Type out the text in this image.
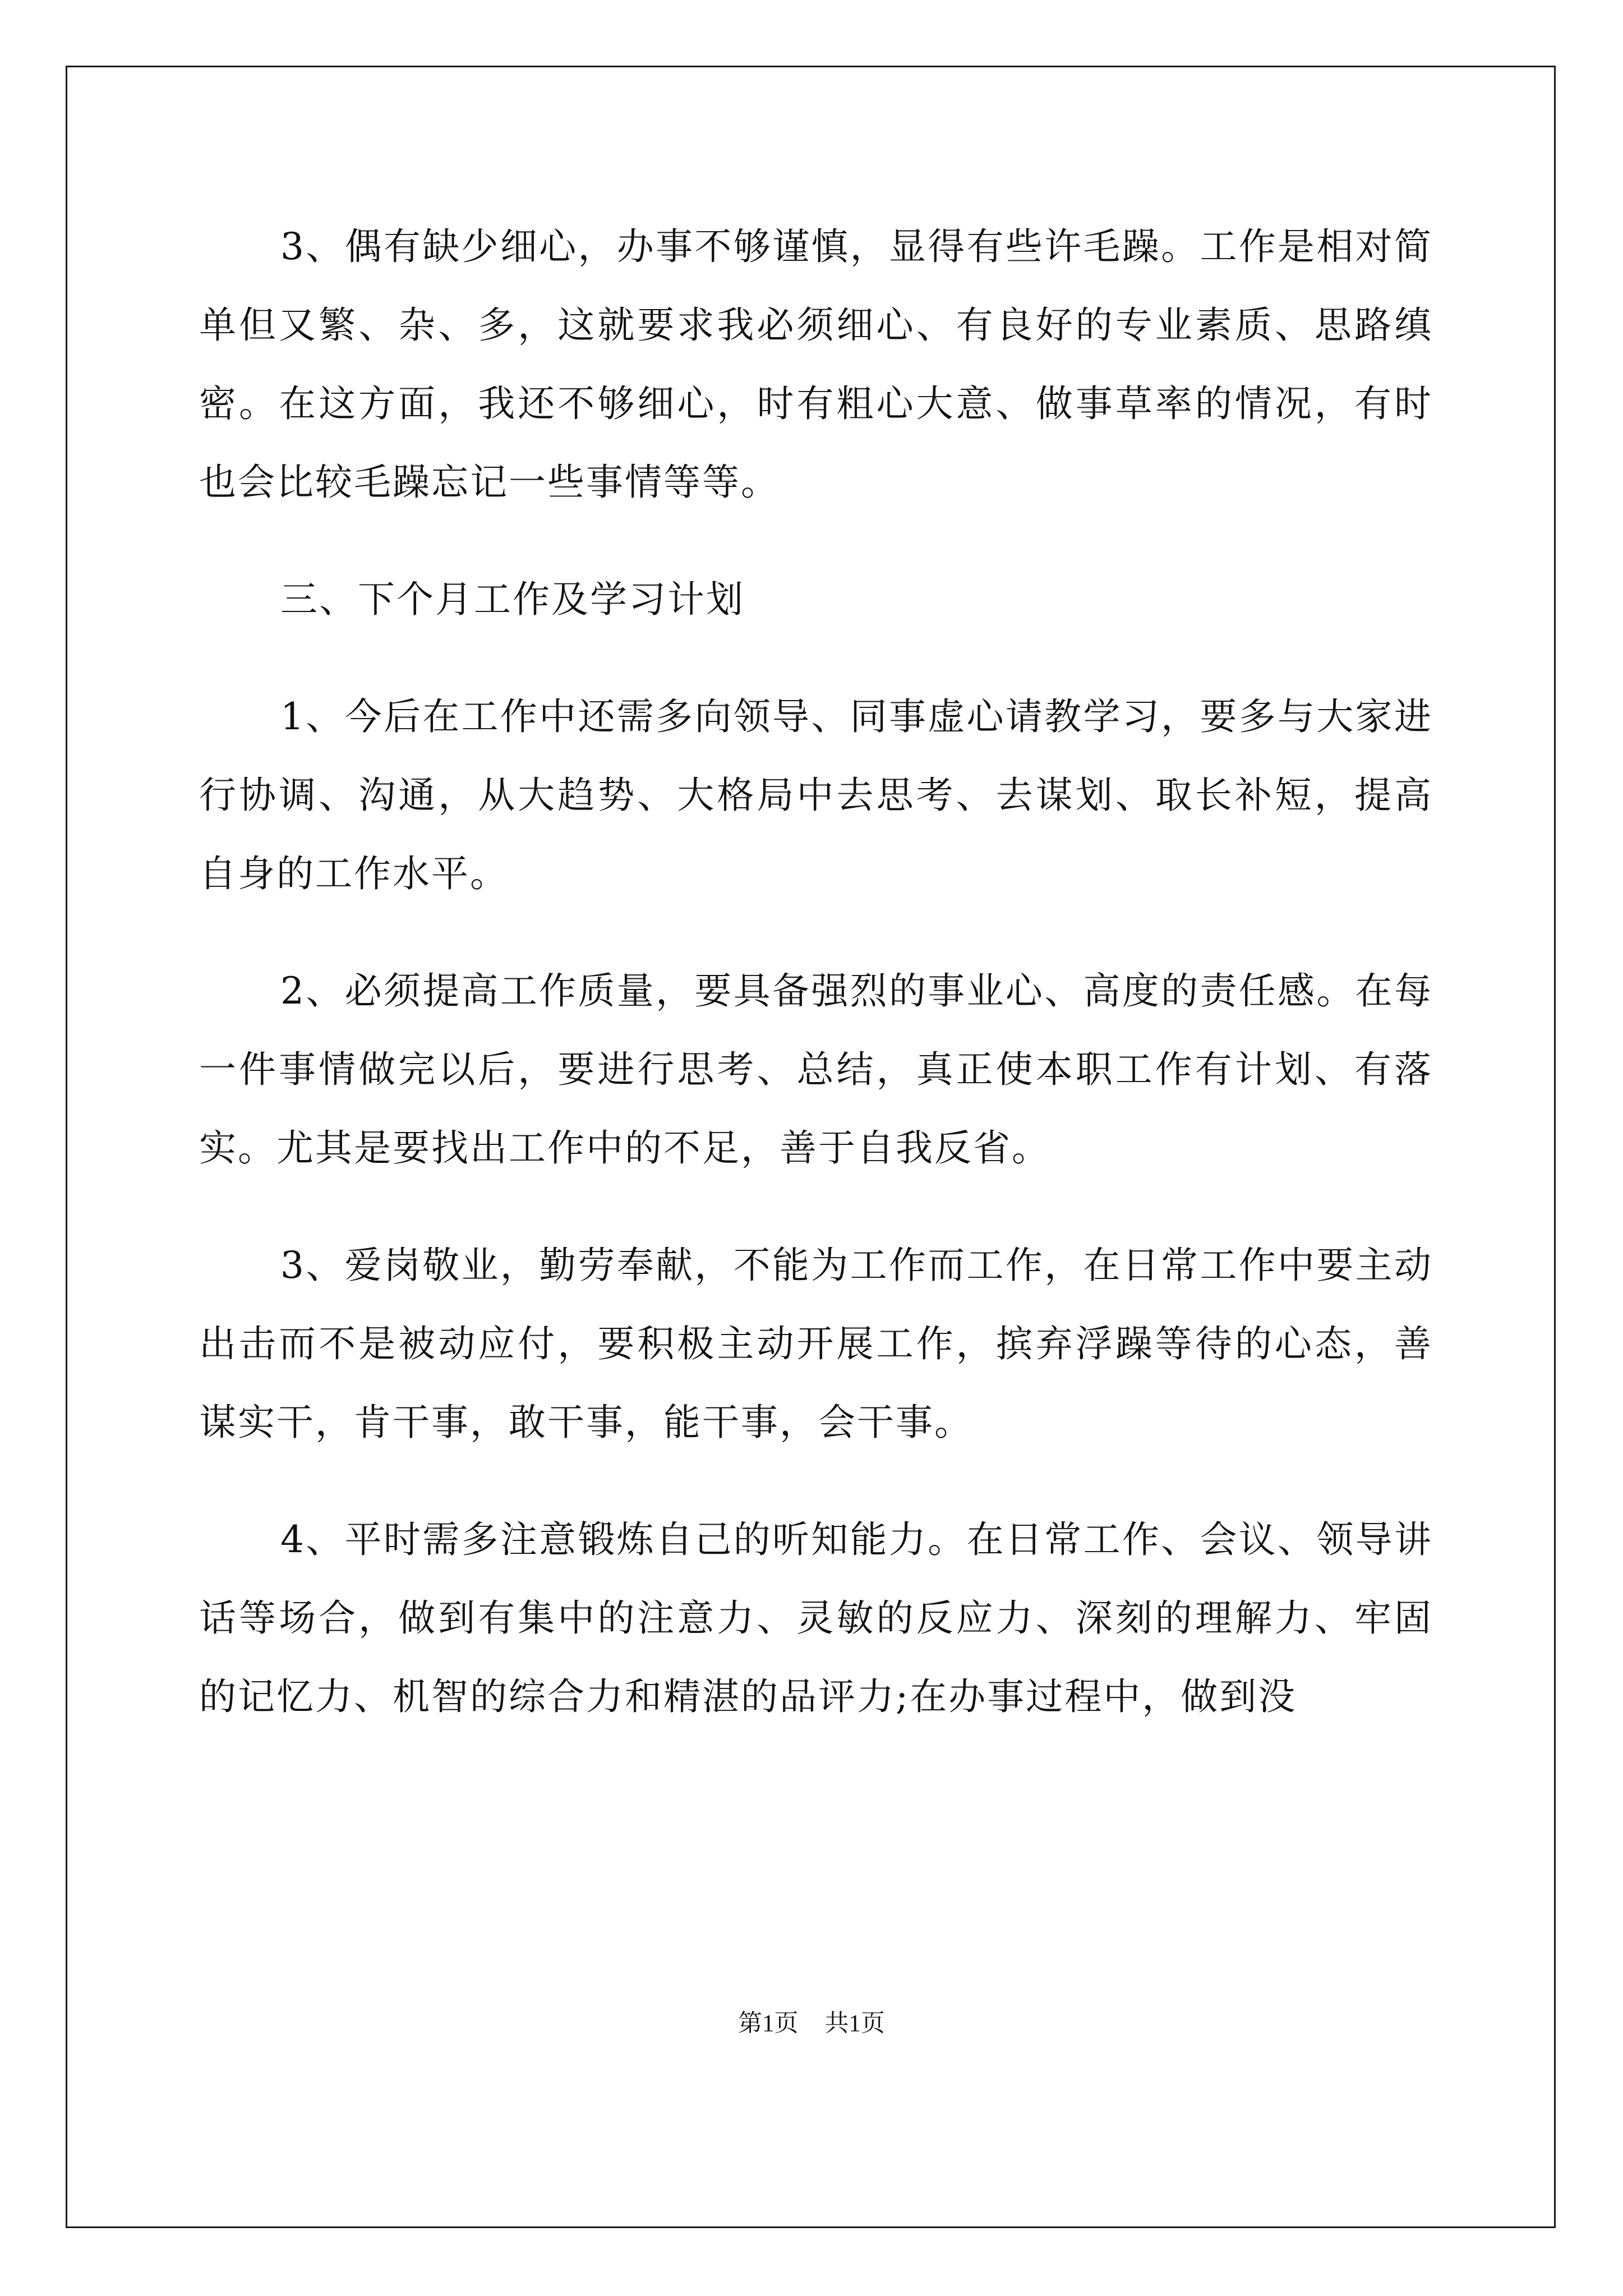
3、偶有缺少细心，办事不够谨慎，显得有些许毛躁。工作是相对简单但又繁、杂、多，这就要求我必须细心、有良好的专业素质、思路缜密。在这方面，我还不够细心，时有粗心大意、做事草率的情况，有时也会比较毛躁忘记一些事情等等。

三、下个月工作及学习计划

1、今后在工作中还需多向领导、同事虚心请教学习，要多与大家进行协调、沟通，从大趋势、大格局中去思考、去谋划、取长补短，提高自身的工作水平。

2、必须提高工作质量，要具备强烈的事业心、高度的责任感。在每一件事情做完以后，要进行思考、总结，真正使本职工作有计划、有落实。尤其是要找出工作中的不足，善于自我反省。

3、爱岗敬业，勤劳奉献，不能为工作而工作，在日常工作中要主动出击而不是被动应付，要积极主动开展工作，摈弃浮躁等待的心态，善谋实干，肯干事，敢干事，能干事，会干事。

4、平时需多注意锻炼自己的听知能力。在日常工作、会议、领导讲话等场合，做到有集中的注意力、灵敏的反应力、深刻的理解力、牢固的记忆力、机智的综合力和精湛的品评力;在办事过程中，做到没

第1页 共1页
